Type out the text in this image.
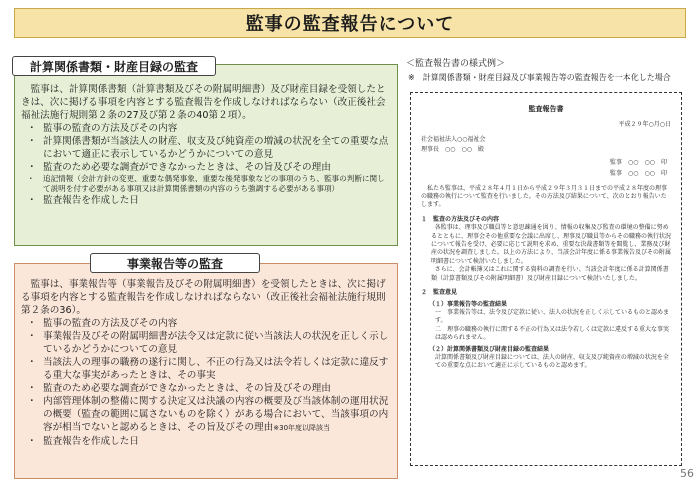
監事の監査報告について

監事は、計算関係書類（計算書類及びその附属明細書）及び財産目録を受領したときは、次に掲げる事項を内容とする監査報告を作成しなければならない（改正後社会福祉法施行規則第２条の27及び第２条の40第２項）。

・ 監事の監査の方法及びその内容
・ 計算関係書類が当該法人の財産、収支及び純資産の増減の状況を全ての重要な点において適正に表示しているかどうかについての意見
・ 監査のため必要な調査ができなかったときは、その旨及びその理由
・ 追記情報（会計方針の変更、重要な偶発事象、重要な後発事象などの事項のうち、監事の判断に関して説明を付す必要がある事項又は計算関係書類の内容のうち強調する必要がある事項）
・ 監査報告を作成した日
計算関係書類・財産目録の監査

監事は、事業報告等（事業報告及びその附属明細書）を受領したときは、次に掲げる事項を内容とする監査報告を作成しなければならない（改正後社会福祉法施行規則第２条の36）。

・ 監事の監査の方法及びその内容
・ 事業報告及びその附属明細書が法令又は定款に従い当該法人の状況を正しく示しているかどうかについての意見
・ 当該法人の理事の職務の遂行に関し、不正の行為又は法令若しくは定款に違反する重大な事実があったときは、その事実
・ 監査のため必要な調査ができなかったときは、その旨及びその理由
・ 内部管理体制の整備に関する決定又は決議の内容の概要及び当該体制の運用状況の概要（監査の範囲に属さないものを除く）がある場合において、当該事項の内容が相当でないと認めるときは、その旨及びその理由※30年度以降該当
・ 監査報告を作成した日
事業報告等の監査
＜監査報告書の様式例＞
※　計算関係書類・財産目録及び事業報告等の監査報告を一本化した場合
監査報告書
平成２９年○月○日
社会福祉法人○○福祉会
理事長　○○　○○　殿
監事　○○　○○　印
監事　○○　○○　印
私たち監事は、平成２８年４月１日から平成２９年３月３１日までの平成２８年度の理事の職務の執行について監査を行いました。その方法及び結果について、次のとおり報告いたします。
１　監査の方法及びその内容
各監事は、理事及び職員等と意思疎通を図り、情報の収集及び監査の環境の整備に努めるとともに、理事会その他重要な会議に出席し、理事及び職員等からその職務の執行状況について報告を受け、必要に応じて説明を求め、重要な決裁書類等を閲覧し、業務及び財産の状況を調査しました。以上の方法により、当該会計年度に係る事業報告及びその附属明細書について検討いたしました。
さらに、会計帳簿又はこれに関する資料の調査を行い、当該会計年度に係る計算関係書類（計算書類及びその附属明細書）及び財産目録について検討いたしました。
２　監査意見
（１）事業報告等の監査結果
一　事業報告等は、法令及び定款に従い、法人の状況を正しく示しているものと認めます。
二　理事の職務の執行に関する不正の行為又は法令若しくは定款に違反する重大な事実は認められません。
（２）計算関係書類及び財産目録の監査結果
計算関係書類及び財産目録については、法人の財産、収支及び純資産の増減の状況を全ての重要な点において適正に示しているものと認めます。
56
